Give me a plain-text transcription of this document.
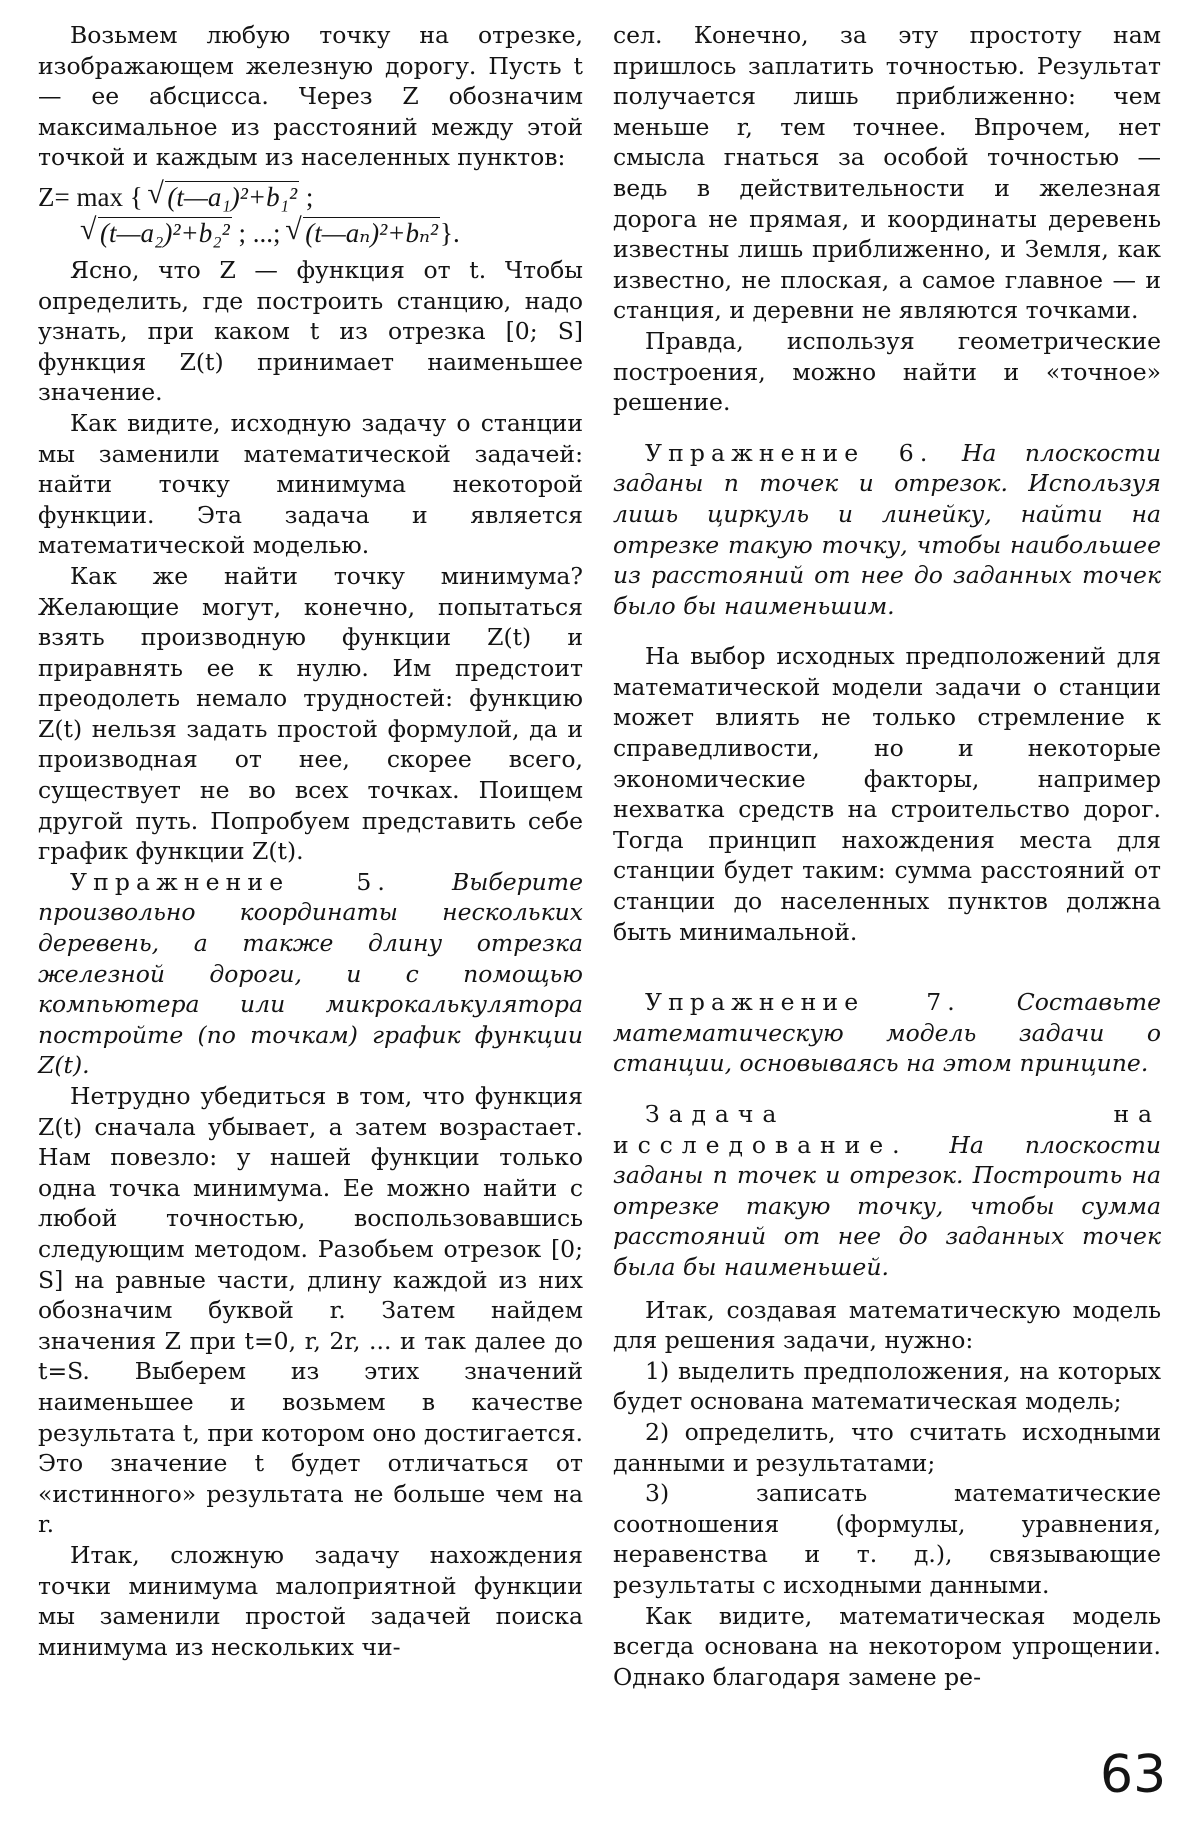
Возьмем любую точку на отрезке, изображающем железную дорогу. Пусть t — ее абсцисса. Через Z обозначим максимальное из расстояний между этой точкой и каждым из населенных пунктов:

Z= max { √ (t—a₁)²+b₁² ;
√ (t—a₂)²+b₂² ; ...; √ (t—aₙ)²+bₙ²}.

Ясно, что Z — функция от t. Чтобы определить, где построить станцию, надо узнать, при каком t из отрезка [0; S] функция Z(t) принимает наименьшее значение.

Как видите, исходную задачу о станции мы заменили математической задачей: найти точку минимума некоторой функции. Эта задача и является математической моделью.

Как же найти точку минимума? Желающие могут, конечно, попытаться взять производную функции Z(t) и приравнять ее к нулю. Им предстоит преодолеть немало трудностей: функцию Z(t) нельзя задать простой формулой, да и производная от нее, скорее всего, существует не во всех точках. Поищем другой путь. Попробуем представить себе график функции Z(t).

Упражнение 5.	Выберите произвольно координаты нескольких деревень, а также длину отрезка железной дороги, и с помощью компьютера или микрокалькулятора постройте (по точкам) график функции Z(t).

Нетрудно убедиться в том, что функция Z(t) сначала убывает, а затем возрастает. Нам повезло: у нашей функции только одна точка минимума. Ее можно найти с любой точностью, воспользовавшись следующим методом. Разобьем отрезок [0; S] на равные части, длину каждой из них обозначим буквой r. Затем найдем значения Z при t=0, r, 2r, ... и так далее до t=S. Выберем из этих значений наименьшее и возьмем в качестве результата t, при котором оно достигается. Это значение t будет отличаться от «истинного» результата не больше чем на r.

Итак, сложную задачу нахождения точки минимума малоприятной функции мы заменили простой задачей поиска минимума из нескольких чи-

сел. Конечно, за эту простоту нам пришлось заплатить точностью. Результат получается лишь приближенно: чем меньше r, тем точнее. Впрочем, нет смысла гнаться за особой точностью — ведь в действительности и железная дорога не прямая, и координаты деревень известны лишь приближенно, и Земля, как известно, не плоская, а самое главное — и станция, и деревни не являются точками.

Правда, используя геометрические построения, можно найти и «точное» решение.

Упражнение 6. На плоскости заданы n точек и отрезок. Используя лишь циркуль и линейку, найти на отрезке такую точку, чтобы наибольшее из расстояний от нее до заданных точек было бы наименьшим.

На выбор исходных предположений для математической модели задачи о станции может влиять не только стремление к справедливости, но и некоторые экономические факторы, например нехватка средств на строительство дорог. Тогда принцип нахождения места для станции будет таким: сумма расстояний от станции до населенных пунктов должна быть минимальной.

Упражнение 7. Составьте математическую модель задачи о станции, основываясь на этом принципе.

Задача на исследование. На плоскости заданы n точек и отрезок. Построить на отрезке такую точку, чтобы сумма расстояний от нее до заданных точек была бы наименьшей.

Итак, создавая математическую модель для решения задачи, нужно:

1) выделить предположения, на которых будет основана математическая модель;

2) определить, что считать исходными данными и результатами;

3) записать математические соотношения (формулы, уравнения, неравенства и т. д.), связывающие результаты с исходными данными.

Как видите, математическая модель всегда основана на некотором упрощении. Однако благодаря замене ре-

63
